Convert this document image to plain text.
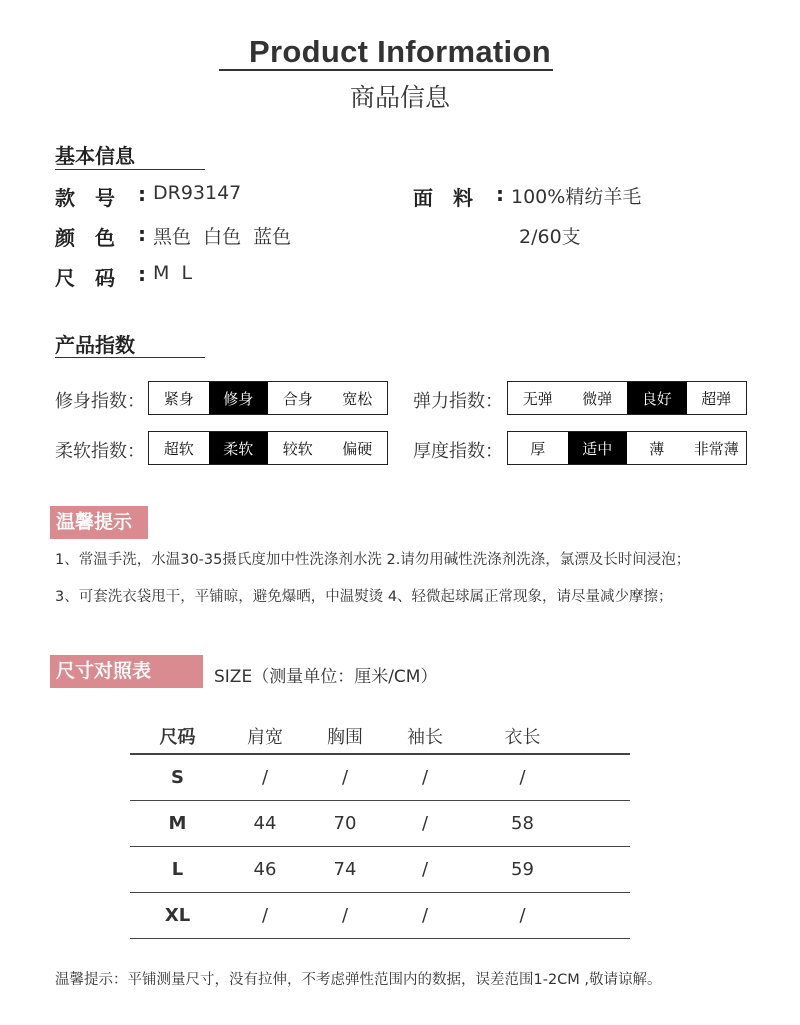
Product Information
商品信息
基本信息
款　号 : DR93147
颜　色 : 黑色  白色  蓝色
尺　码 : M  L
面　料 : 100%精纺羊毛
2/60支
产品指数
修身指数：	紧身	修身	合身	宽松
柔软指数：	超软	柔软	较软	偏硬
弹力指数：	无弹	微弹	良好	超弹
厚度指数：	厚	适中	薄	非常薄
温馨提示
1、常温手洗，水温30-35摄氏度加中性洗涤剂水洗 2.请勿用碱性洗涤剂洗涤，氯漂及长时间浸泡；
3、可套洗衣袋甩干，平铺晾，避免爆晒，中温熨烫 4、轻微起球属正常现象，请尽量减少摩擦；
尺寸对照表	SIZE（测量单位：厘米/CM）
尺码	肩宽	胸围	袖长	衣长
S	/	/	/	/
M	44	70	/	58
L	46	74	/	59
XL	/	/	/	/
温馨提示：平铺测量尺寸，没有拉伸，不考虑弹性范围内的数据，误差范围1-2CM ,敬请谅解。
